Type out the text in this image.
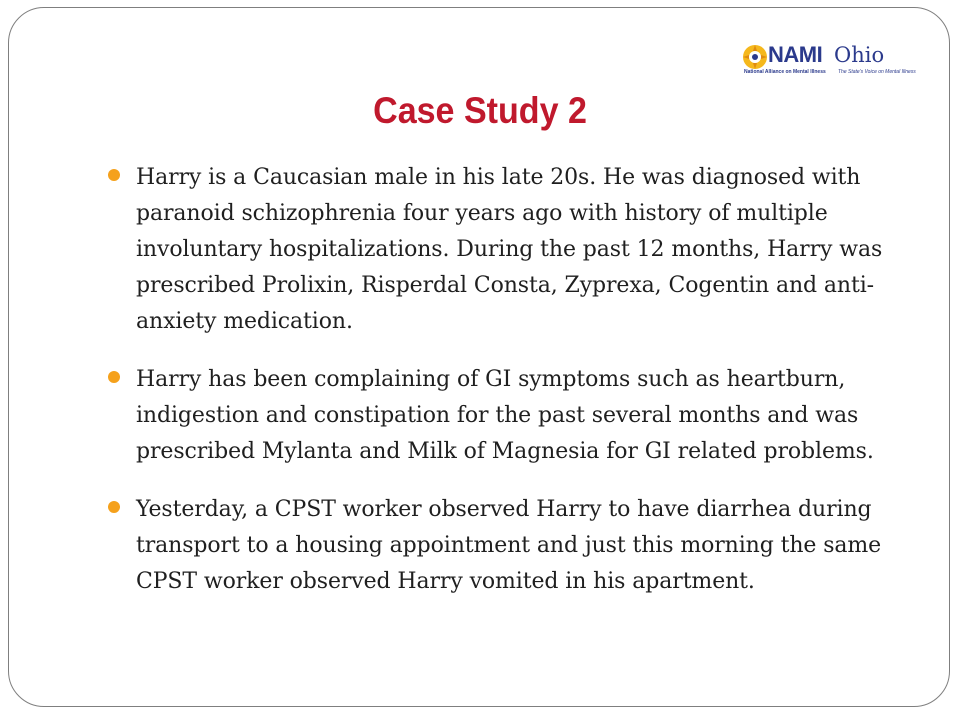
NAMI Ohio
National Alliance on Mental Illness The State's Voice on Mental Illness
Case Study 2
Harry is a Caucasian male in his late 20s. He was diagnosed with paranoid schizophrenia four years ago with history of multiple involuntary hospitalizations. During the past 12 months, Harry was prescribed Prolixin, Risperdal Consta, Zyprexa, Cogentin and anti-anxiety medication.
Harry has been complaining of GI symptoms such as heartburn, indigestion and constipation for the past several months and was prescribed Mylanta and Milk of Magnesia for GI related problems.
Yesterday, a CPST worker observed Harry to have diarrhea during transport to a housing appointment and just this morning the same CPST worker observed Harry vomited in his apartment.
